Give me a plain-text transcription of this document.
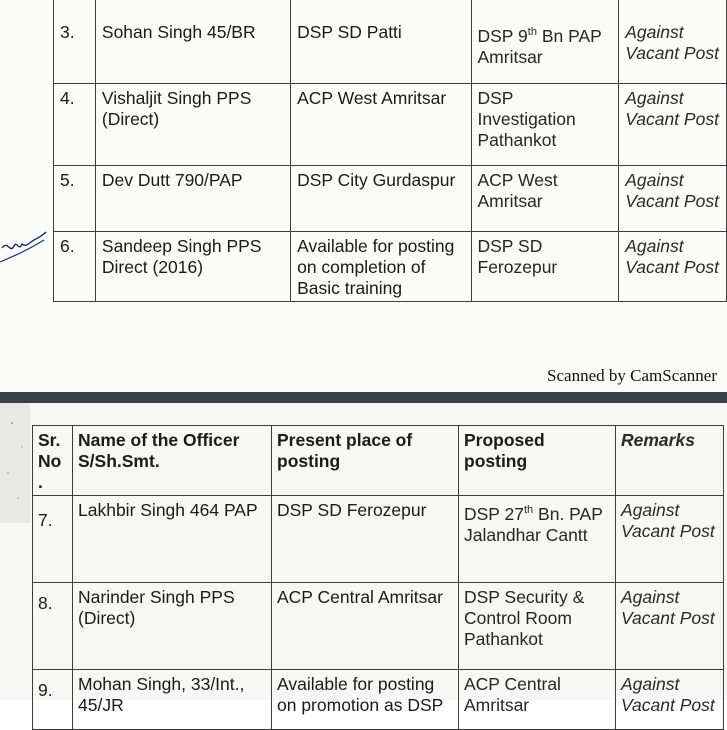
3.	Sohan Singh 45/BR	DSP SD Patti	DSP 9th Bn PAP Amritsar	Against Vacant Post
4.	Vishaljit Singh PPS (Direct)	ACP West Amritsar	DSP Investigation Pathankot	Against Vacant Post
5.	Dev Dutt 790/PAP	DSP City Gurdaspur	ACP West Amritsar	Against Vacant Post
6.	Sandeep Singh PPS Direct (2016)	Available for posting on completion of Basic training	DSP SD Ferozepur	Against Vacant Post
Scanned by CamScanner
Sr. No .	Name of the Officer S/Sh.Smt.	Present place of posting	Proposed posting	Remarks
7.	Lakhbir Singh 464 PAP	DSP SD Ferozepur	DSP 27th Bn. PAP Jalandhar Cantt	Against Vacant Post
8.	Narinder Singh PPS (Direct)	ACP Central Amritsar	DSP Security & Control Room Pathankot	Against Vacant Post
9.	Mohan Singh, 33/Int., 45/JR	Available for posting on promotion as DSP	ACP Central Amritsar	Against Vacant Post
